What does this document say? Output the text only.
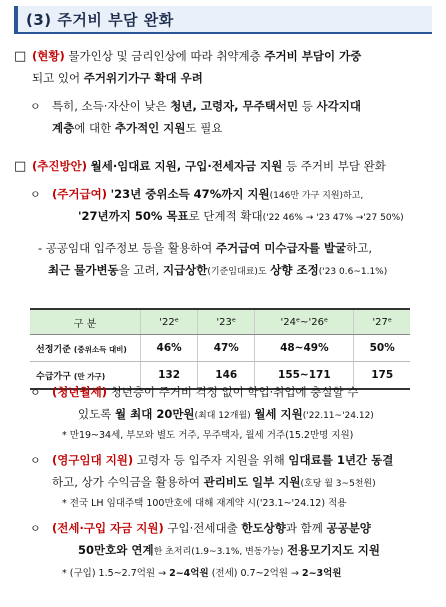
(3) 주거비 부담 완화
□ (현황) 물가인상 및 금리인상에 따라 취약계층 주거비 부담이 가중
되고 있어 주거위기가구 확대 우려
ㅇ 특히, 소득·자산이 낮은 청년, 고령자, 무주택서민 등 사각지대
계층에 대한 추가적인 지원도 필요
□ (추진방안) 월세·임대료 지원, 구입·전세자금 지원 등 주거비 부담 완화
ㅇ (주거급여) '23년 중위소득 47%까지 지원(146만 가구 지원)하고,
'27년까지 50% 목표로 단계적 확대('22 46% → '23 47% →'27 50%)
- 공공임대 입주정보 등을 활용하여 주거급여 미수급자를 발굴하고,
최근 물가변동을 고려, 지급상한(기준임대료)도 상향 조정('23 0.6~1.1%)
구 분	'22ᵉ	'23ᵉ	'24ᵉ~'26ᵉ	'27ᵉ
선정기준 (중위소득 대비)	46%	47%	48~49%	50%
수급가구 (만 가구)	132	146	155~171	175
ㅇ (청년월세) 청년층이 주거비 걱정 없이 학업·취업에 충실할 수
있도록 월 최대 20만원(최대 12개월) 월세 지원('22.11~'24.12)
* 만19~34세, 부모와 별도 거주, 무주택자, 월세 거주(15.2만명 지원)
ㅇ (영구임대 지원) 고령자 등 입주자 지원을 위해 임대료를 1년간 동결
하고, 상가 수익금을 활용하여 관리비도 일부 지원(호당 월 3~5천원)
* 전국 LH 임대주택 100만호에 대해 재계약 시('23.1~'24.12) 적용
ㅇ (전세·구입 자금 지원) 구입·전세대출 한도상향과 함께 공공분양
50만호와 연계한 초저리(1.9~3.1%, 변동가능) 전용모기지도 지원
* (구입) 1.5~2.7억원 → 2~4억원 (전세) 0.7~2억원 → 2~3억원
